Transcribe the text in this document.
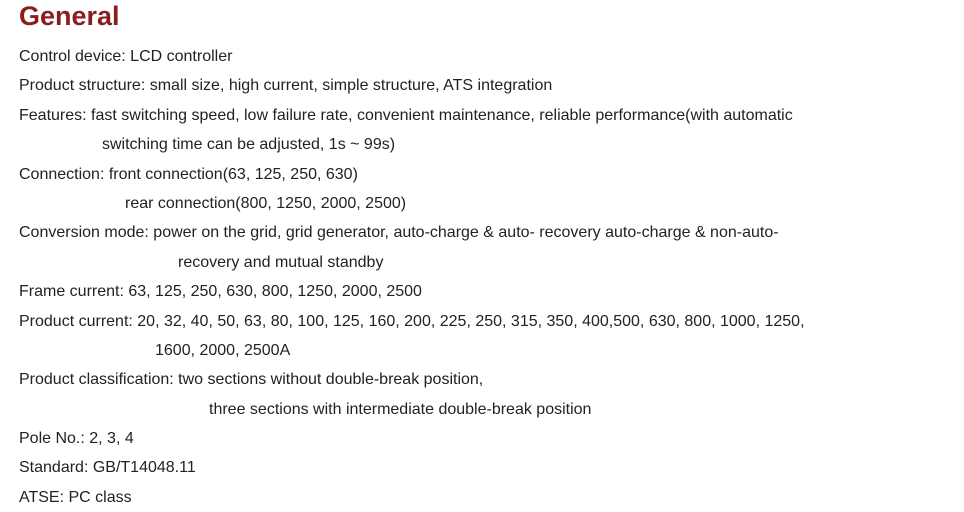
General
Control device: LCD controller
Product structure: small size, high current, simple structure, ATS integration
Features: fast switching speed, low failure rate, convenient maintenance, reliable performance(with automatic
switching time can be adjusted, 1s ~ 99s)
Connection: front connection(63, 125, 250, 630)
rear connection(800, 1250, 2000, 2500)
Conversion mode: power on the grid, grid generator, auto-charge & auto- recovery auto-charge & non-auto-
recovery and mutual standby
Frame current: 63, 125, 250, 630, 800, 1250, 2000, 2500
Product current: 20, 32, 40, 50, 63, 80, 100, 125, 160, 200, 225, 250, 315, 350, 400,500, 630, 800, 1000, 1250,
1600, 2000, 2500A
Product classification: two sections without double-break position,
three sections with intermediate double-break position
Pole No.: 2, 3, 4
Standard: GB/T14048.11
ATSE: PC class
